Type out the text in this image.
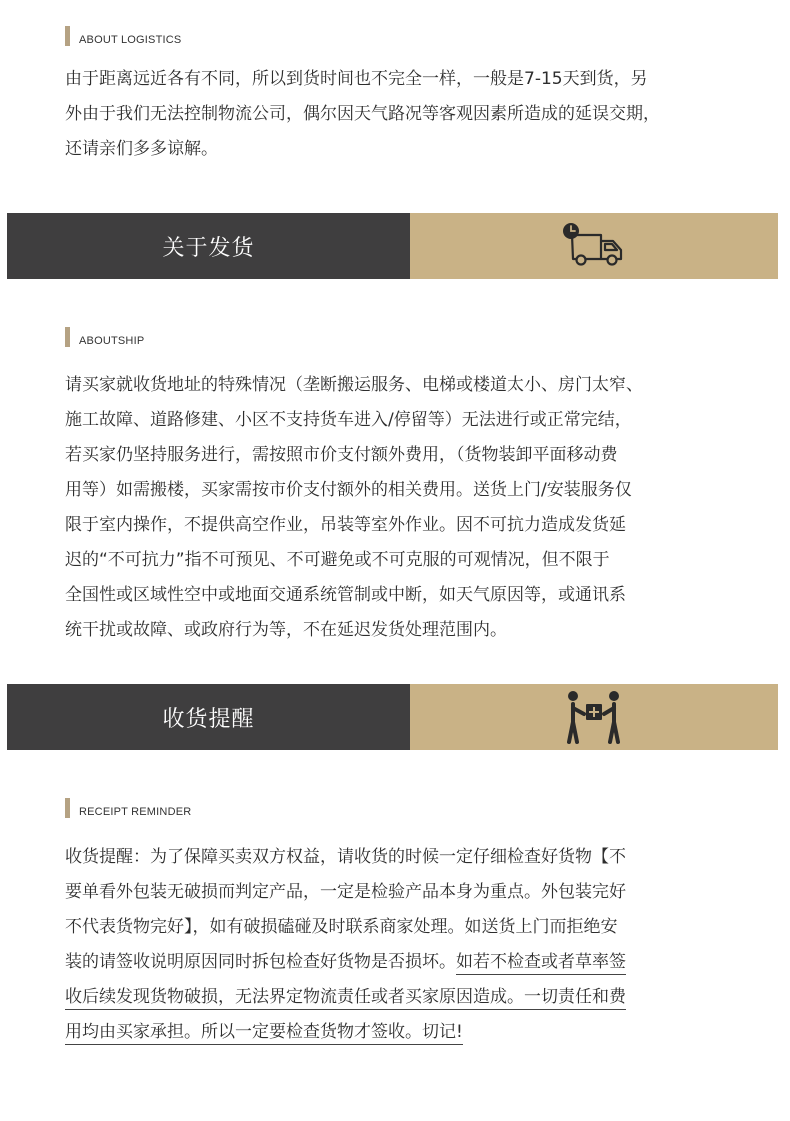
ABOUT LOGISTICS
由于距离远近各有不同，所以到货时间也不完全一样，一般是7-15天到货，另
外由于我们无法控制物流公司，偶尔因天气路况等客观因素所造成的延误交期，
还请亲们多多谅解。
关于发货
ABOUTSHIP
请买家就收货地址的特殊情况（垄断搬运服务、电梯或楼道太小、房门太窄、
施工故障、道路修建、小区不支持货车进入/停留等）无法进行或正常完结，
若买家仍坚持服务进行，需按照市价支付额外费用，（货物装卸平面移动费
用等）如需搬楼，买家需按市价支付额外的相关费用。送货上门/安装服务仅
限于室内操作，不提供高空作业，吊装等室外作业。因不可抗力造成发货延
迟的“不可抗力”指不可预见、不可避免或不可克服的可观情况，但不限于
全国性或区域性空中或地面交通系统管制或中断，如天气原因等，或通讯系
统干扰或故障、或政府行为等，不在延迟发货处理范围内。
收货提醒
RECEIPT REMINDER
收货提醒：为了保障买卖双方权益，请收货的时候一定仔细检查好货物【不
要单看外包装无破损而判定产品，一定是检验产品本身为重点。外包装完好
不代表货物完好】，如有破损磕碰及时联系商家处理。如送货上门而拒绝安
装的请签收说明原因同时拆包检查好货物是否损坏。如若不检查或者草率签
收后续发现货物破损，无法界定物流责任或者买家原因造成。一切责任和费
用均由买家承担。所以一定要检查货物才签收。切记!
